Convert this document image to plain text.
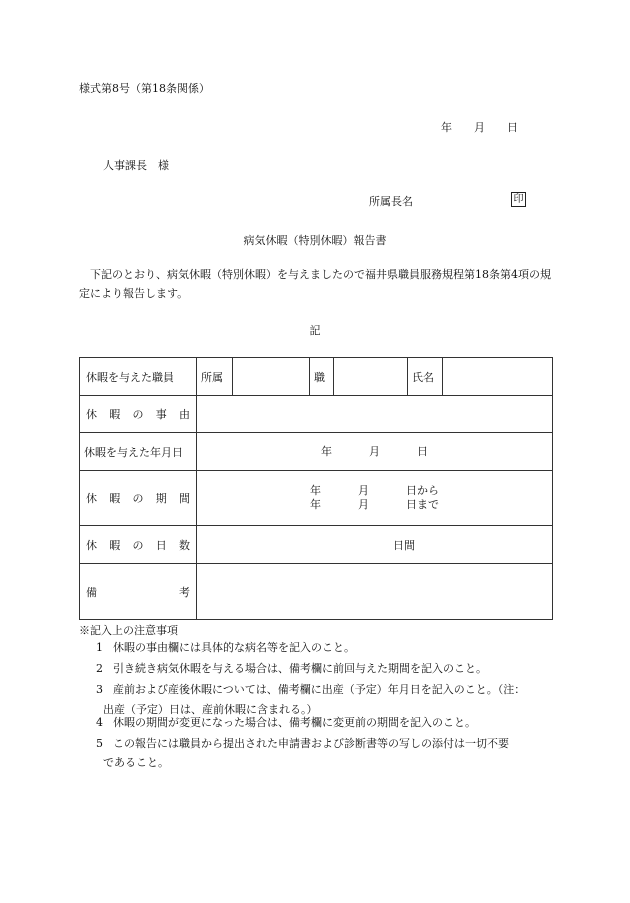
様式第8号（第18条関係）
年 月 日
人事課長　様
所属長名	印
病気休暇（特別休暇）報告書
下記のとおり、病気休暇（特別休暇）を与えましたので福井県職員服務規程第18条第4項の規定により報告します。
記
休暇を与えた職員	所属		職		氏名	

休 暇 の 事 由						

休暇を与えた年月日	年 月 日					

休 暇 の 期 間	年 月 日から
年 月 日まで					

休 暇 の 日 数	日間					

備 考						

※記入上の注意事項
1 休暇の事由欄には具体的な病名等を記入のこと。
2 引き続き病気休暇を与える場合は、備考欄に前回与えた期間を記入のこと。
3 産前および産後休暇については、備考欄に出産（予定）年月日を記入のこと。（注：
出産（予定）日は、産前休暇に含まれる。）
4 休暇の期間が変更になった場合は、備考欄に変更前の期間を記入のこと。
5 この報告には職員から提出された申請書および診断書等の写しの添付は一切不要
であること。
